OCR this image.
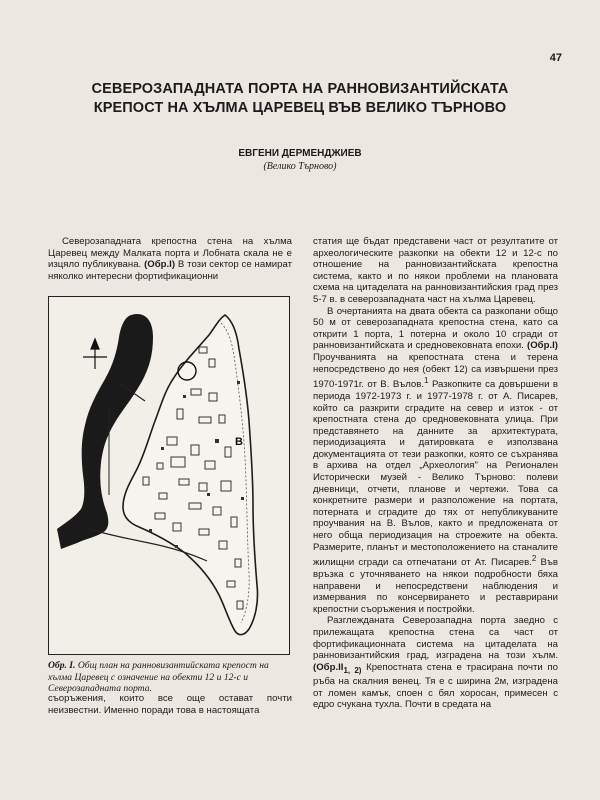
47
СЕВЕРОЗАПАДНАТА ПОРТА НА РАННОВИЗАНТИЙСКАТА
КРЕПОСТ НА ХЪЛМА ЦАРЕВЕЦ ВЪВ ВЕЛИКО ТЪРНОВО
ЕВГЕНИ ДЕРМЕНДЖИЕВ
(Велико Търново)

Северозападната крепостна стена на хълма Царевец между Малката порта и Лобната скала не е изцяло публикувана. (Обр.I) В този сектор се намират няколко интересни фортификационни

B
Обр. I. Общ план на ранновизантийската крепост на хълма Царевец с означение на обекти 12 и 12-с и Северозападната порта.

съоръжения, които все още остават почти неизвестни. Именно поради това в настоящата

статия ще бъдат представени част от резултатите от археологическите разкопки на обекти 12 и 12-с по отношение на ранновизантийската крепостна система, както и по някои проблеми на плановата схема на цитаделата на ранновизантийския град през 5-7 в. в северозападната част на хълма Царевец.

В очертанията на двата обекта са разкопани общо 50 м от северозападната крепостна стена, като са открити 1 порта, 1 потерна и около 10 сгради от ранновизантийската и средновековната епохи. (Обр.I) Проучванията на крепостната стена и терена непосредствено до нея (обект 12) са извършени през 1970-1971г. от В. Вълов.$^1$ Разкопките са довършени в периода 1972-1973 г. и 1977-1978 г. от А. Писарев, който са разкрити сградите на север и изток - от крепостната стена до средновековната улица. При представянето на данните за архитектурата, периодизацията и датировката е използвана документацията от тези разкопки, която се съхранява в архива на отдел „Археология" на Регионален Исторически музей - Велико Търново: полеви дневници, отчети, планове и чертежи. Това са конкретните размери и разположение на портата, потерната и сградите до тях от непубликуваните проучвания на В. Вълов, както и предложената от него обща периодизация на строежите на обекта. Размерите, планът и местоположението на станалите жилищни сгради са отпечатани от Ат. Писарев.$^2$ Във връзка с уточняването на някои подробности бяха направени и непосредствени наблюдения и измервания по консервирането и реставрирани крепостни съоръжения и постройки.

Разглежданата Северозападна порта заедно с прилежащата крепостна стена са част от фортификационната система на цитаделата на ранновизантийския град, изградена на този хълм. ($Обр.II_{1, 2)}$ Крепостната стена е трасирана почти по ръба на скалния венец. Тя е с ширина 2м, изградена от ломен камък, споен с бял хоросан, примесен с едро счукана тухла. Почти в средата на
